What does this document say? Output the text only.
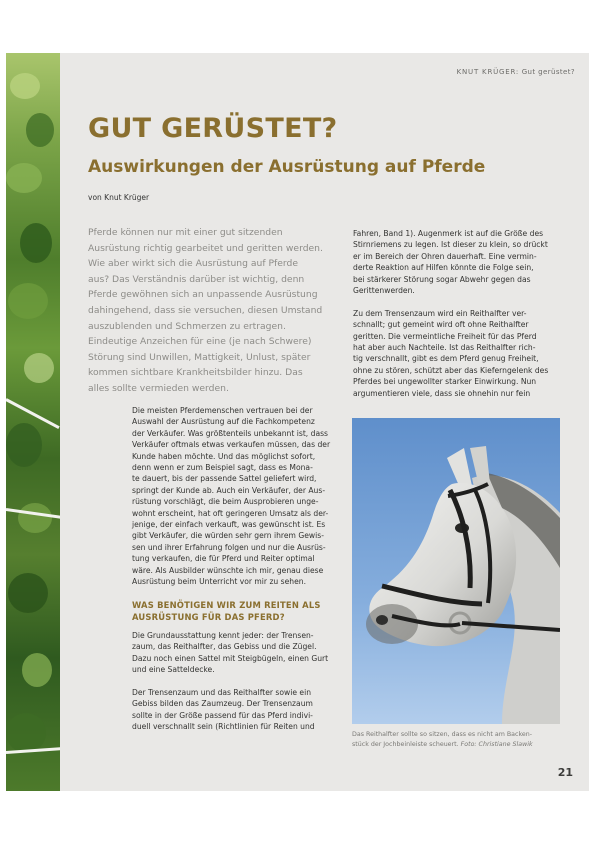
KNUT KRÜGER: Gut gerüstet?
GUT GERÜSTET?
Auswirkungen der Ausrüstung auf Pferde
von Knut Krüger
Pferde können nur mit einer gut sitzenden
Ausrüstung richtig gearbeitet und geritten werden.
Wie aber wirkt sich die Ausrüstung auf Pferde
aus? Das Verständnis darüber ist wichtig, denn
Pferde gewöhnen sich an unpassende Ausrüstung
dahingehend, dass sie versuchen, diesen Umstand
auszublenden und Schmerzen zu ertragen.
Eindeutige Anzeichen für eine (je nach Schwere)
Störung sind Unwillen, Mattigkeit, Unlust, später
kommen sichtbare Krankheitsbilder hinzu. Das
alles sollte vermieden werden.
Die meisten Pferdemenschen vertrauen bei der
Auswahl der Ausrüstung auf die Fachkompetenz
der Verkäufer. Was größtenteils unbekannt ist, dass
Verkäufer oftmals etwas verkaufen müssen, das der
Kunde haben möchte. Und das möglichst sofort,
denn wenn er zum Beispiel sagt, dass es Mona-
te dauert, bis der passende Sattel geliefert wird,
springt der Kunde ab. Auch ein Verkäufer, der Aus-
rüstung vorschlägt, die beim Ausprobieren unge-
wohnt erscheint, hat oft geringeren Umsatz als der-
jenige, der einfach verkauft, was gewünscht ist. Es
gibt Verkäufer, die würden sehr gern ihrem Gewis-
sen und ihrer Erfahrung folgen und nur die Ausrüs-
tung verkaufen, die für Pferd und Reiter optimal
wäre. Als Ausbilder wünschte ich mir, genau diese
Ausrüstung beim Unterricht vor mir zu sehen.
WAS BENÖTIGEN WIR ZUM REITEN ALS
AUSRÜSTUNG FÜR DAS PFERD?
Die Grundausstattung kennt jeder: der Trensen-
zaum, das Reithalfter, das Gebiss und die Zügel.
Dazu noch einen Sattel mit Steigbügeln, einen Gurt
und eine Satteldecke.
Der Trensenzaum und das Reithalfter sowie ein
Gebiss bilden das Zaumzeug. Der Trensenzaum
sollte in der Größe passend für das Pferd indivi-
duell verschnallt sein (Richtlinien für Reiten und
Fahren, Band 1). Augenmerk ist auf die Größe des
Stirnriemens zu legen. Ist dieser zu klein, so drückt
er im Bereich der Ohren dauerhaft. Eine vermin-
derte Reaktion auf Hilfen könnte die Folge sein,
bei stärkerer Störung sogar Abwehr gegen das
Gerittenwerden.
Zu dem Trensenzaum wird ein Reithalfter ver-
schnallt; gut gemeint wird oft ohne Reithalfter
geritten. Die vermeintliche Freiheit für das Pferd
hat aber auch Nachteile. Ist das Reithalfter rich-
tig verschnallt, gibt es dem Pferd genug Freiheit,
ohne zu stören, schützt aber das Kieferngelenk des
Pferdes bei ungewollter starker Einwirkung. Nun
argumentieren viele, dass sie ohnehin nur fein
Das Reithalfter sollte so sitzen, dass es nicht am Backen-
stück der Jochbeinleiste scheuert. Foto: Christiane Slawik
21
